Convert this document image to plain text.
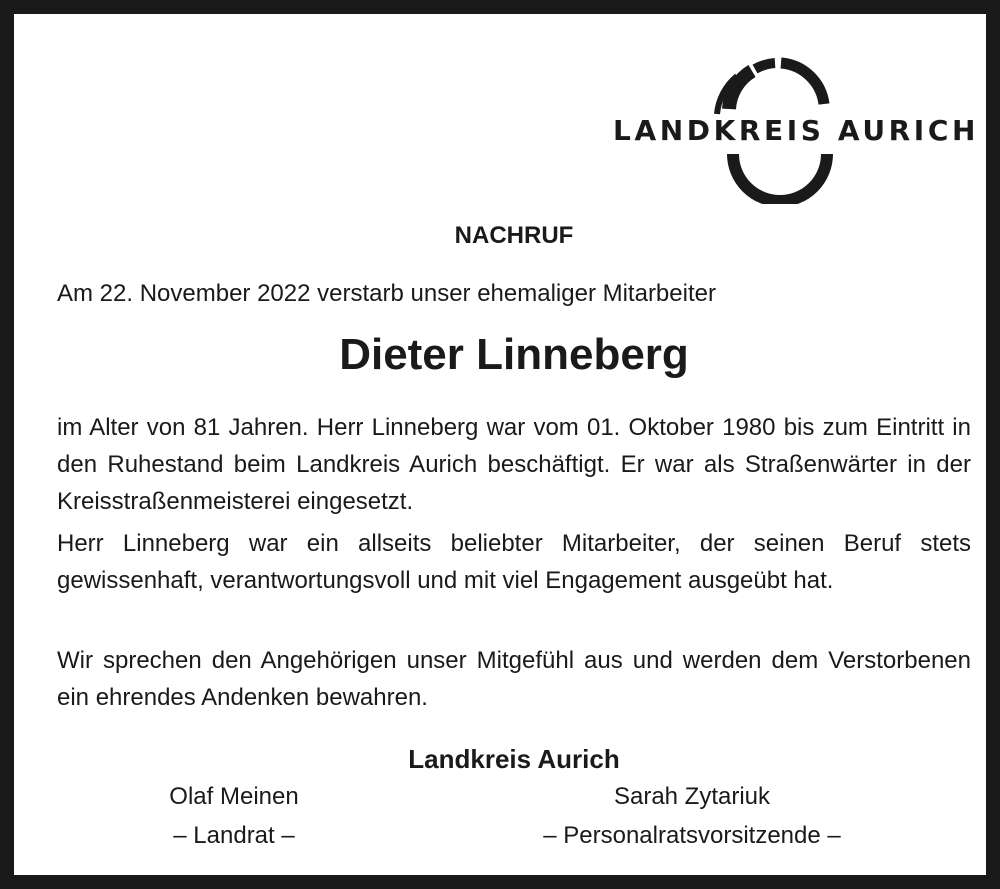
LANDKREIS AURICH
NACHRUF
Am 22. November 2022 verstarb unser ehemaliger Mitarbeiter
Dieter Linneberg

im Alter von 81 Jahren. Herr Linneberg war vom 01. Oktober 1980 bis zum Eintritt in den Ruhestand beim Landkreis Aurich beschäftigt. Er war als Straßenwärter in der Kreisstraßenmeisterei eingesetzt.

Herr Linneberg war ein allseits beliebter Mitarbeiter, der seinen Beruf stets gewissenhaft, verantwortungsvoll und mit viel Engagement ausgeübt hat.

Wir sprechen den Angehörigen unser Mitgefühl aus und werden dem Verstorbenen ein ehrendes Andenken bewahren.

Landkreis Aurich
Olaf Meinen	Sarah Zytariuk
– Landrat –	– Personalratsvorsitzende –
